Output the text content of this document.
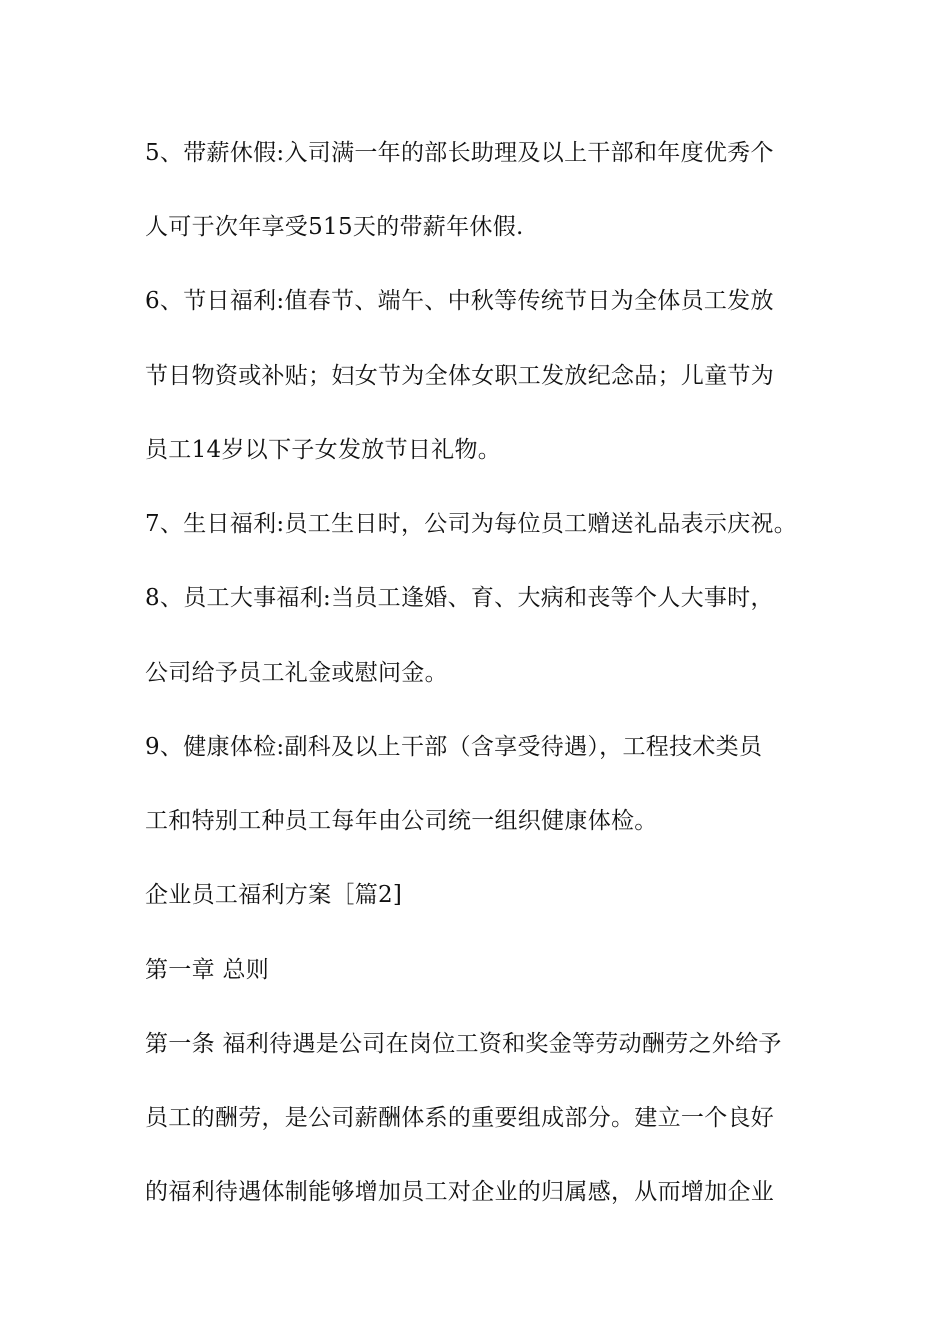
5、带薪休假:入司满一年的部长助理及以上干部和年度优秀个
人可于次年享受515天的带薪年休假.
6、节日福利:值春节、端午、中秋等传统节日为全体员工发放
节日物资或补贴；妇女节为全体女职工发放纪念品；儿童节为
员工14岁以下子女发放节日礼物。
7、生日福利:员工生日时，公司为每位员工赠送礼品表示庆祝。
8、员工大事福利:当员工逢婚、育、大病和丧等个人大事时，
公司给予员工礼金或慰问金。
9、健康体检:副科及以上干部（含享受待遇），工程技术类员
工和特别工种员工每年由公司统一组织健康体检。
企业员工福利方案［篇2]
第一章 总则
第一条 福利待遇是公司在岗位工资和奖金等劳动酬劳之外给予
员工的酬劳，是公司薪酬体系的重要组成部分。建立一个良好
的福利待遇体制能够增加员工对企业的归属感，从而增加企业
